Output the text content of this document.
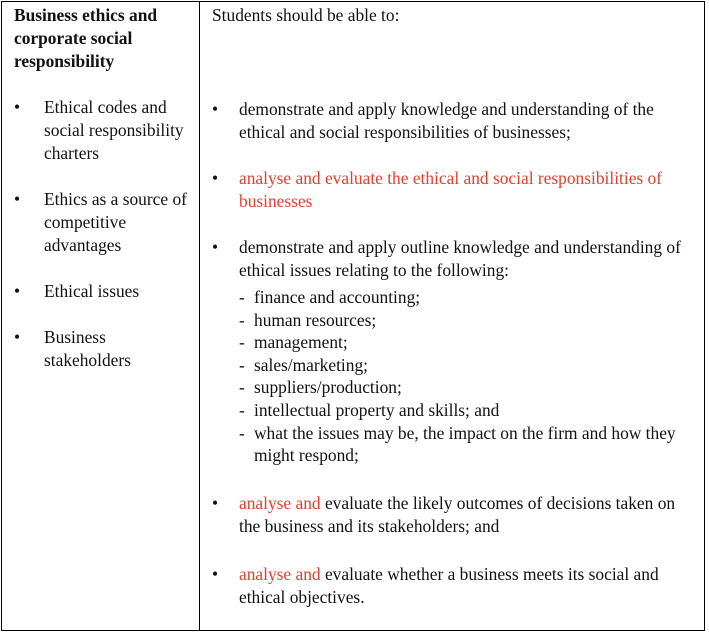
Business ethics and corporate social responsibility

• Ethical codes and social responsibility charters
• Ethics as a source of competitive advantages
• Ethical issues
• Business stakeholders

Students should be able to:

• demonstrate and apply knowledge and understanding of the ethical and social responsibilities of businesses;
• analyse and evaluate the ethical and social responsibilities of businesses
• demonstrate and apply outline knowledge and understanding of ethical issues relating to the following:
- finance and accounting;
- human resources;
- management;
- sales/marketing;
- suppliers/production;
- intellectual property and skills; and
- what the issues may be, the impact on the firm and how they might respond;
• analyse and evaluate the likely outcomes of decisions taken on the business and its stakeholders; and
• analyse and evaluate whether a business meets its social and ethical objectives.
